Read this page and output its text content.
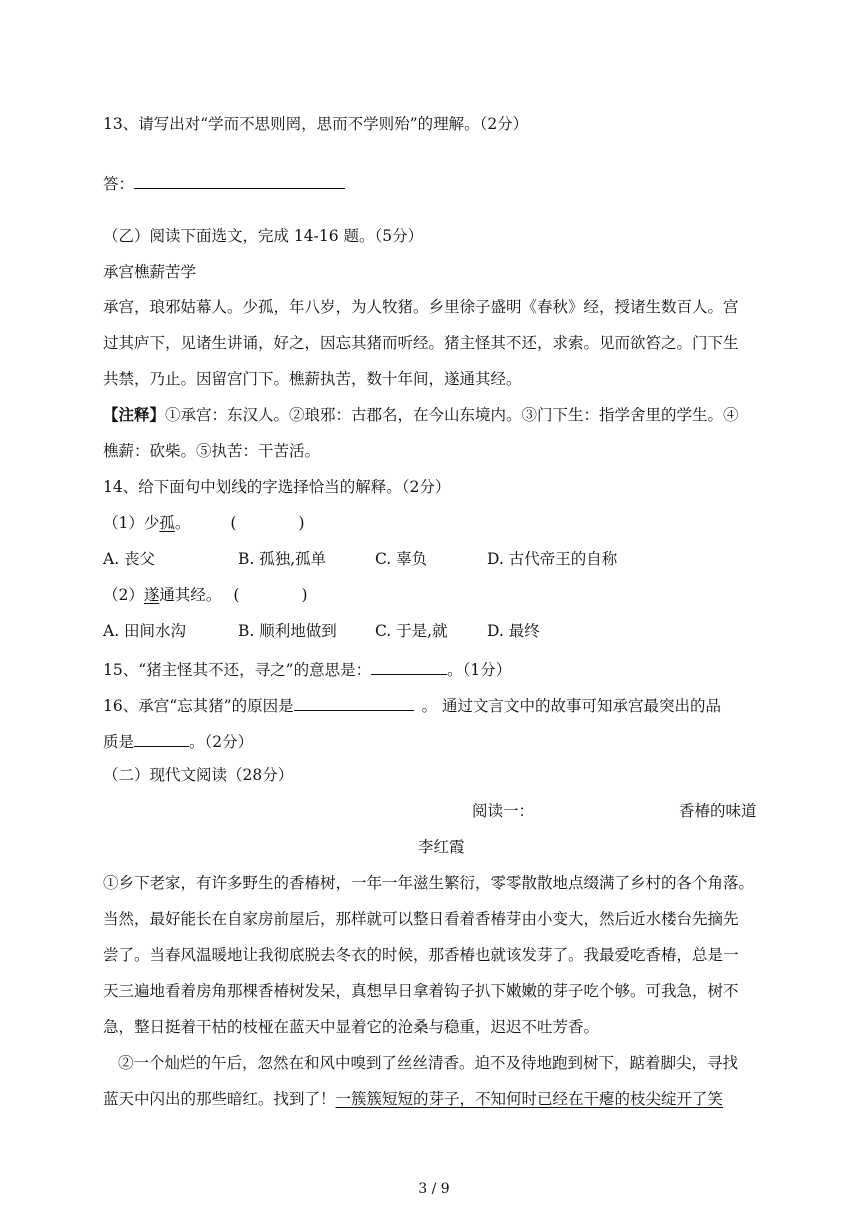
13、请写出对“学而不思则罔，思而不学则殆”的理解。（2分）
答：
（乙）阅读下面选文，完成 14-16 题。（5分）
承宫樵薪苦学
承宫，琅邪姑幕人。少孤，年八岁，为人牧猪。乡里徐子盛明《春秋》经，授诸生数百人。宫
过其庐下，见诸生讲诵，好之，因忘其猪而听经。猪主怪其不还，求索。见而欲笞之。门下生
共禁，乃止。因留宫门下。樵薪执苦，数十年间，遂通其经。
【注释】①承宫：东汉人。②琅邪：古郡名，在今山东境内。③门下生：指学舍里的学生。④
樵薪：砍柴。⑤执苦：干苦活。
14、给下面句中划线的字选择恰当的解释。（2分）
（1）少孤。	(　　　　)
A. 丧父	B. 孤独,孤单	C. 辜负	D. 古代帝王的自称
（2）遂通其经。 (　　　　)
A. 田间水沟	B. 顺利地做到 C. 于是,就	D. 最终
15、“猪主怪其不还，寻之”的意思是：	。（1分）
16、承宫“忘其猪”的原因是	。 通过文言文中的故事可知承宫最突出的品
质是	。（2分）
（二）现代文阅读（28分）
阅读一：	香椿的味道
李红霞
①乡下老家，有许多野生的香椿树，一年一年滋生繁衍，零零散散地点缀满了乡村的各个角落。
当然，最好能长在自家房前屋后，那样就可以整日看着香椿芽由小变大，然后近水楼台先摘先
尝了。当春风温暖地让我彻底脱去冬衣的时候，那香椿也就该发芽了。我最爱吃香椿，总是一
天三遍地看着房角那棵香椿树发呆，真想早日拿着钩子扒下嫩嫩的芽子吃个够。可我急，树不
急，整日挺着干枯的枝桠在蓝天中显着它的沧桑与稳重，迟迟不吐芳香。
②一个灿烂的午后，忽然在和风中嗅到了丝丝清香。迫不及待地跑到树下，踮着脚尖，寻找
蓝天中闪出的那些暗红。找到了！一簇簇短短的芽子，不知何时已经在干瘪的枝尖绽开了笑
3 / 9
